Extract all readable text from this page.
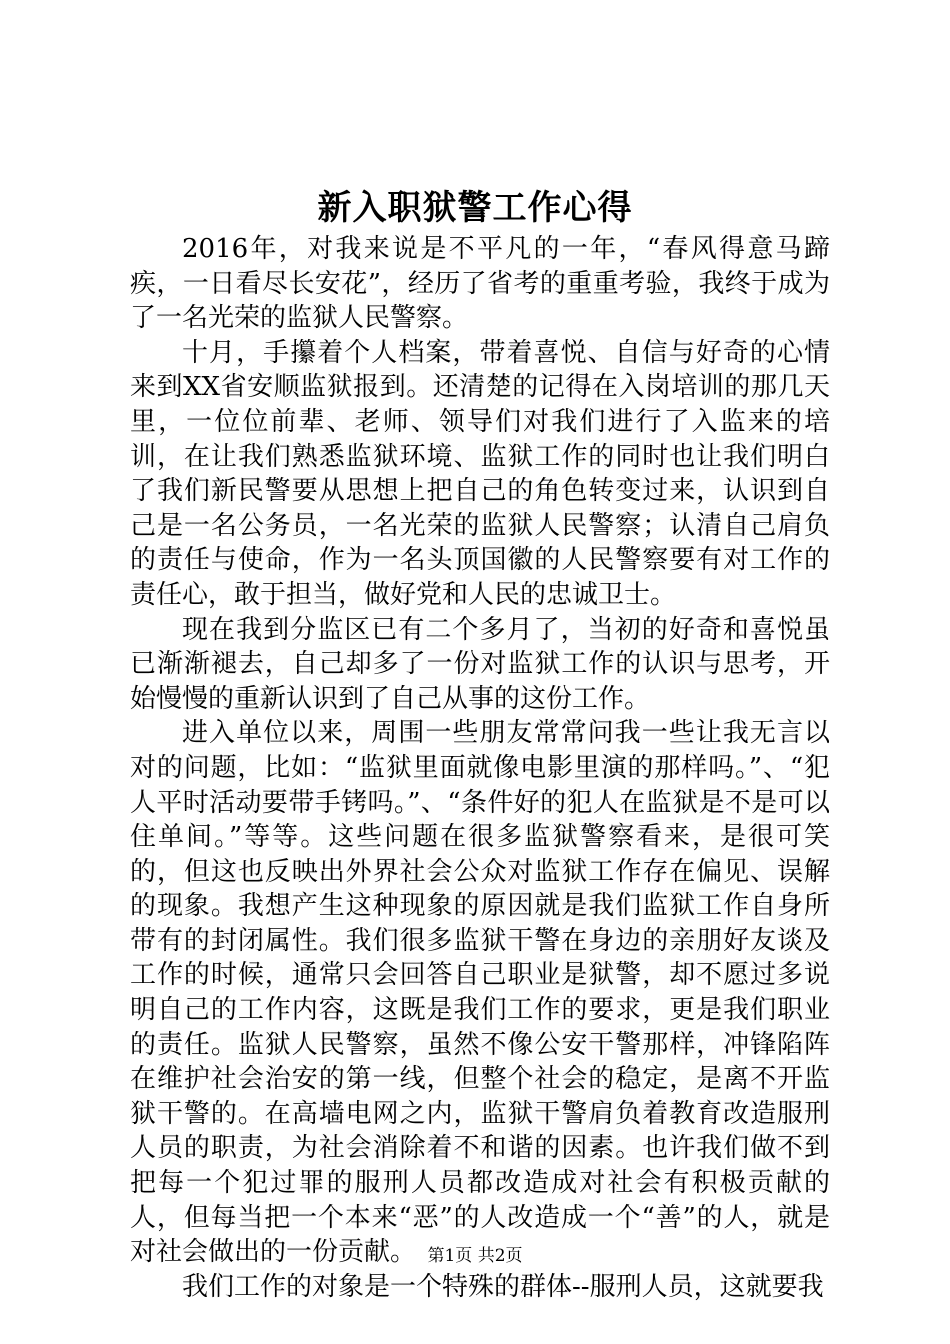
新入职狱警工作心得

2016年，对我来说是不平凡的一年，“春风得意马蹄疾，一日看尽长安花”，经历了省考的重重考验，我终于成为了一名光荣的监狱人民警察。

十月，手攥着个人档案，带着喜悦、自信与好奇的心情来到XX省安顺监狱报到。还清楚的记得在入岗培训的那几天里，一位位前辈、老师、领导们对我们进行了入监来的培训，在让我们熟悉监狱环境、监狱工作的同时也让我们明白了我们新民警要从思想上把自己的角色转变过来，认识到自己是一名公务员，一名光荣的监狱人民警察；认清自己肩负的责任与使命，作为一名头顶国徽的人民警察要有对工作的责任心，敢于担当，做好党和人民的忠诚卫士。

现在我到分监区已有二个多月了，当初的好奇和喜悦虽已渐渐褪去，自己却多了一份对监狱工作的认识与思考，开始慢慢的重新认识到了自己从事的这份工作。

进入单位以来，周围一些朋友常常问我一些让我无言以对的问题，比如：“监狱里面就像电影里演的那样吗。”、“犯人平时活动要带手铐吗。”、“条件好的犯人在监狱是不是可以住单间。”等等。这些问题在很多监狱警察看来，是很可笑的，但这也反映出外界社会公众对监狱工作存在偏见、误解的现象。我想产生这种现象的原因就是我们监狱工作自身所带有的封闭属性。我们很多监狱干警在身边的亲朋好友谈及工作的时候，通常只会回答自己职业是狱警，却不愿过多说明自己的工作内容，这既是我们工作的要求，更是我们职业的责任。监狱人民警察，虽然不像公安干警那样，冲锋陷阵在维护社会治安的第一线，但整个社会的稳定，是离不开监狱干警的。在高墙电网之内，监狱干警肩负着教育改造服刑人员的职责，为社会消除着不和谐的因素。也许我们做不到把每一个犯过罪的服刑人员都改造成对社会有积极贡献的人，但每当把一个本来“恶”的人改造成一个“善”的人，就是对社会做出的一份贡献。

我们工作的对象是一个特殊的群体--服刑人员，这就要我

第1页 共2页
